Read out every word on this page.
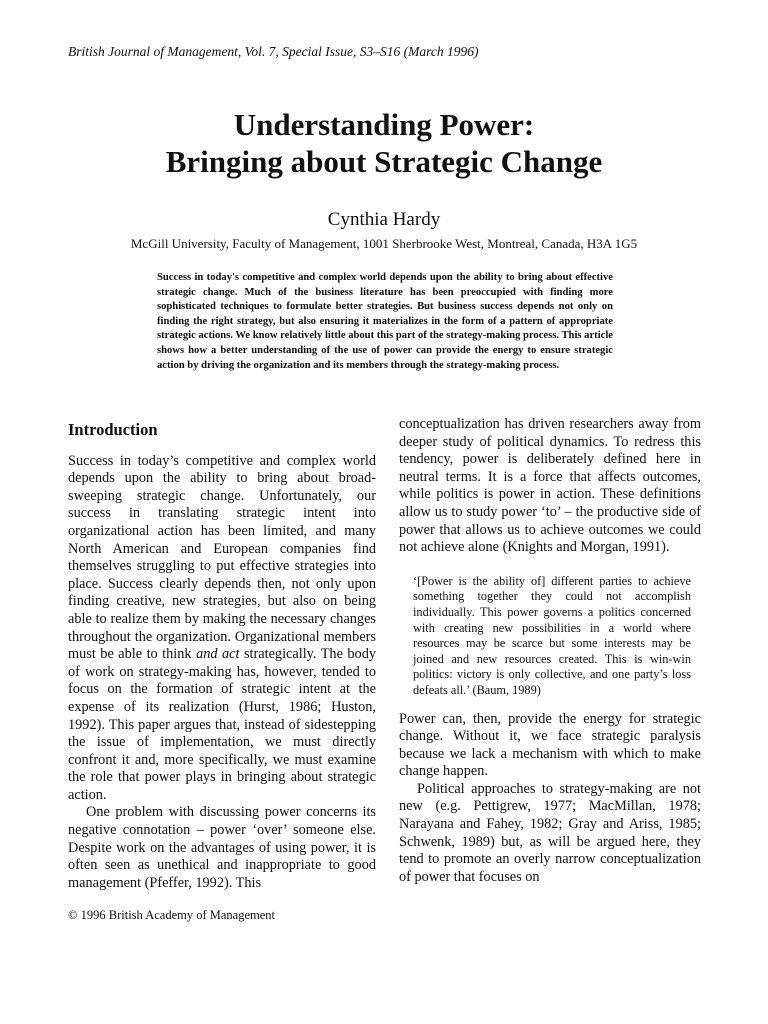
British Journal of Management, Vol. 7, Special Issue, S3–S16 (March 1996)
Understanding Power:
Bringing about Strategic Change
Cynthia Hardy
McGill University, Faculty of Management, 1001 Sherbrooke West, Montreal, Canada, H3A 1G5

Success in today's competitive and complex world depends upon the ability to bring about effective strategic change. Much of the business literature has been preoccupied with finding more sophisticated techniques to formulate better strategies. But business success depends not only on finding the right strategy, but also ensuring it materializes in the form of a pattern of appropriate strategic actions. We know relatively little about this part of the strategy-making process. This article shows how a better understanding of the use of power can provide the energy to ensure strategic action by driving the organization and its members through the strategy-making process.

Introduction

Success in today’s competitive and complex world depends upon the ability to bring about broad-sweeping strategic change. Unfortunately, our success in translating strategic intent into organizational action has been limited, and many North American and European companies find themselves struggling to put effective strategies into place. Success clearly depends then, not only upon finding creative, new strategies, but also on being able to realize them by making the necessary changes throughout the organization. Organizational members must be able to think and act strategically. The body of work on strategy-making has, however, tended to focus on the formation of strategic intent at the expense of its realization (Hurst, 1986; Huston, 1992). This paper argues that, instead of sidestepping the issue of implementation, we must directly confront it and, more specifically, we must examine the role that power plays in bringing about strategic action.

One problem with discussing power concerns its negative connotation – power ‘over’ someone else. Despite work on the advantages of using power, it is often seen as unethical and inappropriate to good management (Pfeffer, 1992). This

conceptualization has driven researchers away from deeper study of political dynamics. To redress this tendency, power is deliberately defined here in neutral terms. It is a force that affects outcomes, while politics is power in action. These definitions allow us to study power ‘to’ – the productive side of power that allows us to achieve outcomes we could not achieve alone (Knights and Morgan, 1991).

‘[Power is the ability of] different parties to achieve something together they could not accomplish individually. This power governs a politics concerned with creating new possibilities in a world where resources may be scarce but some interests may be joined and new resources created. This is win-win politics: victory is only collective, and one party’s loss defeats all.’ (Baum, 1989)

Power can, then, provide the energy for strategic change. Without it, we face strategic paralysis because we lack a mechanism with which to make change happen.

Political approaches to strategy-making are not new (e.g. Pettigrew, 1977; MacMillan, 1978; Narayana and Fahey, 1982; Gray and Ariss, 1985; Schwenk, 1989) but, as will be argued here, they tend to promote an overly narrow conceptualization of power that focuses on

© 1996 British Academy of Management
